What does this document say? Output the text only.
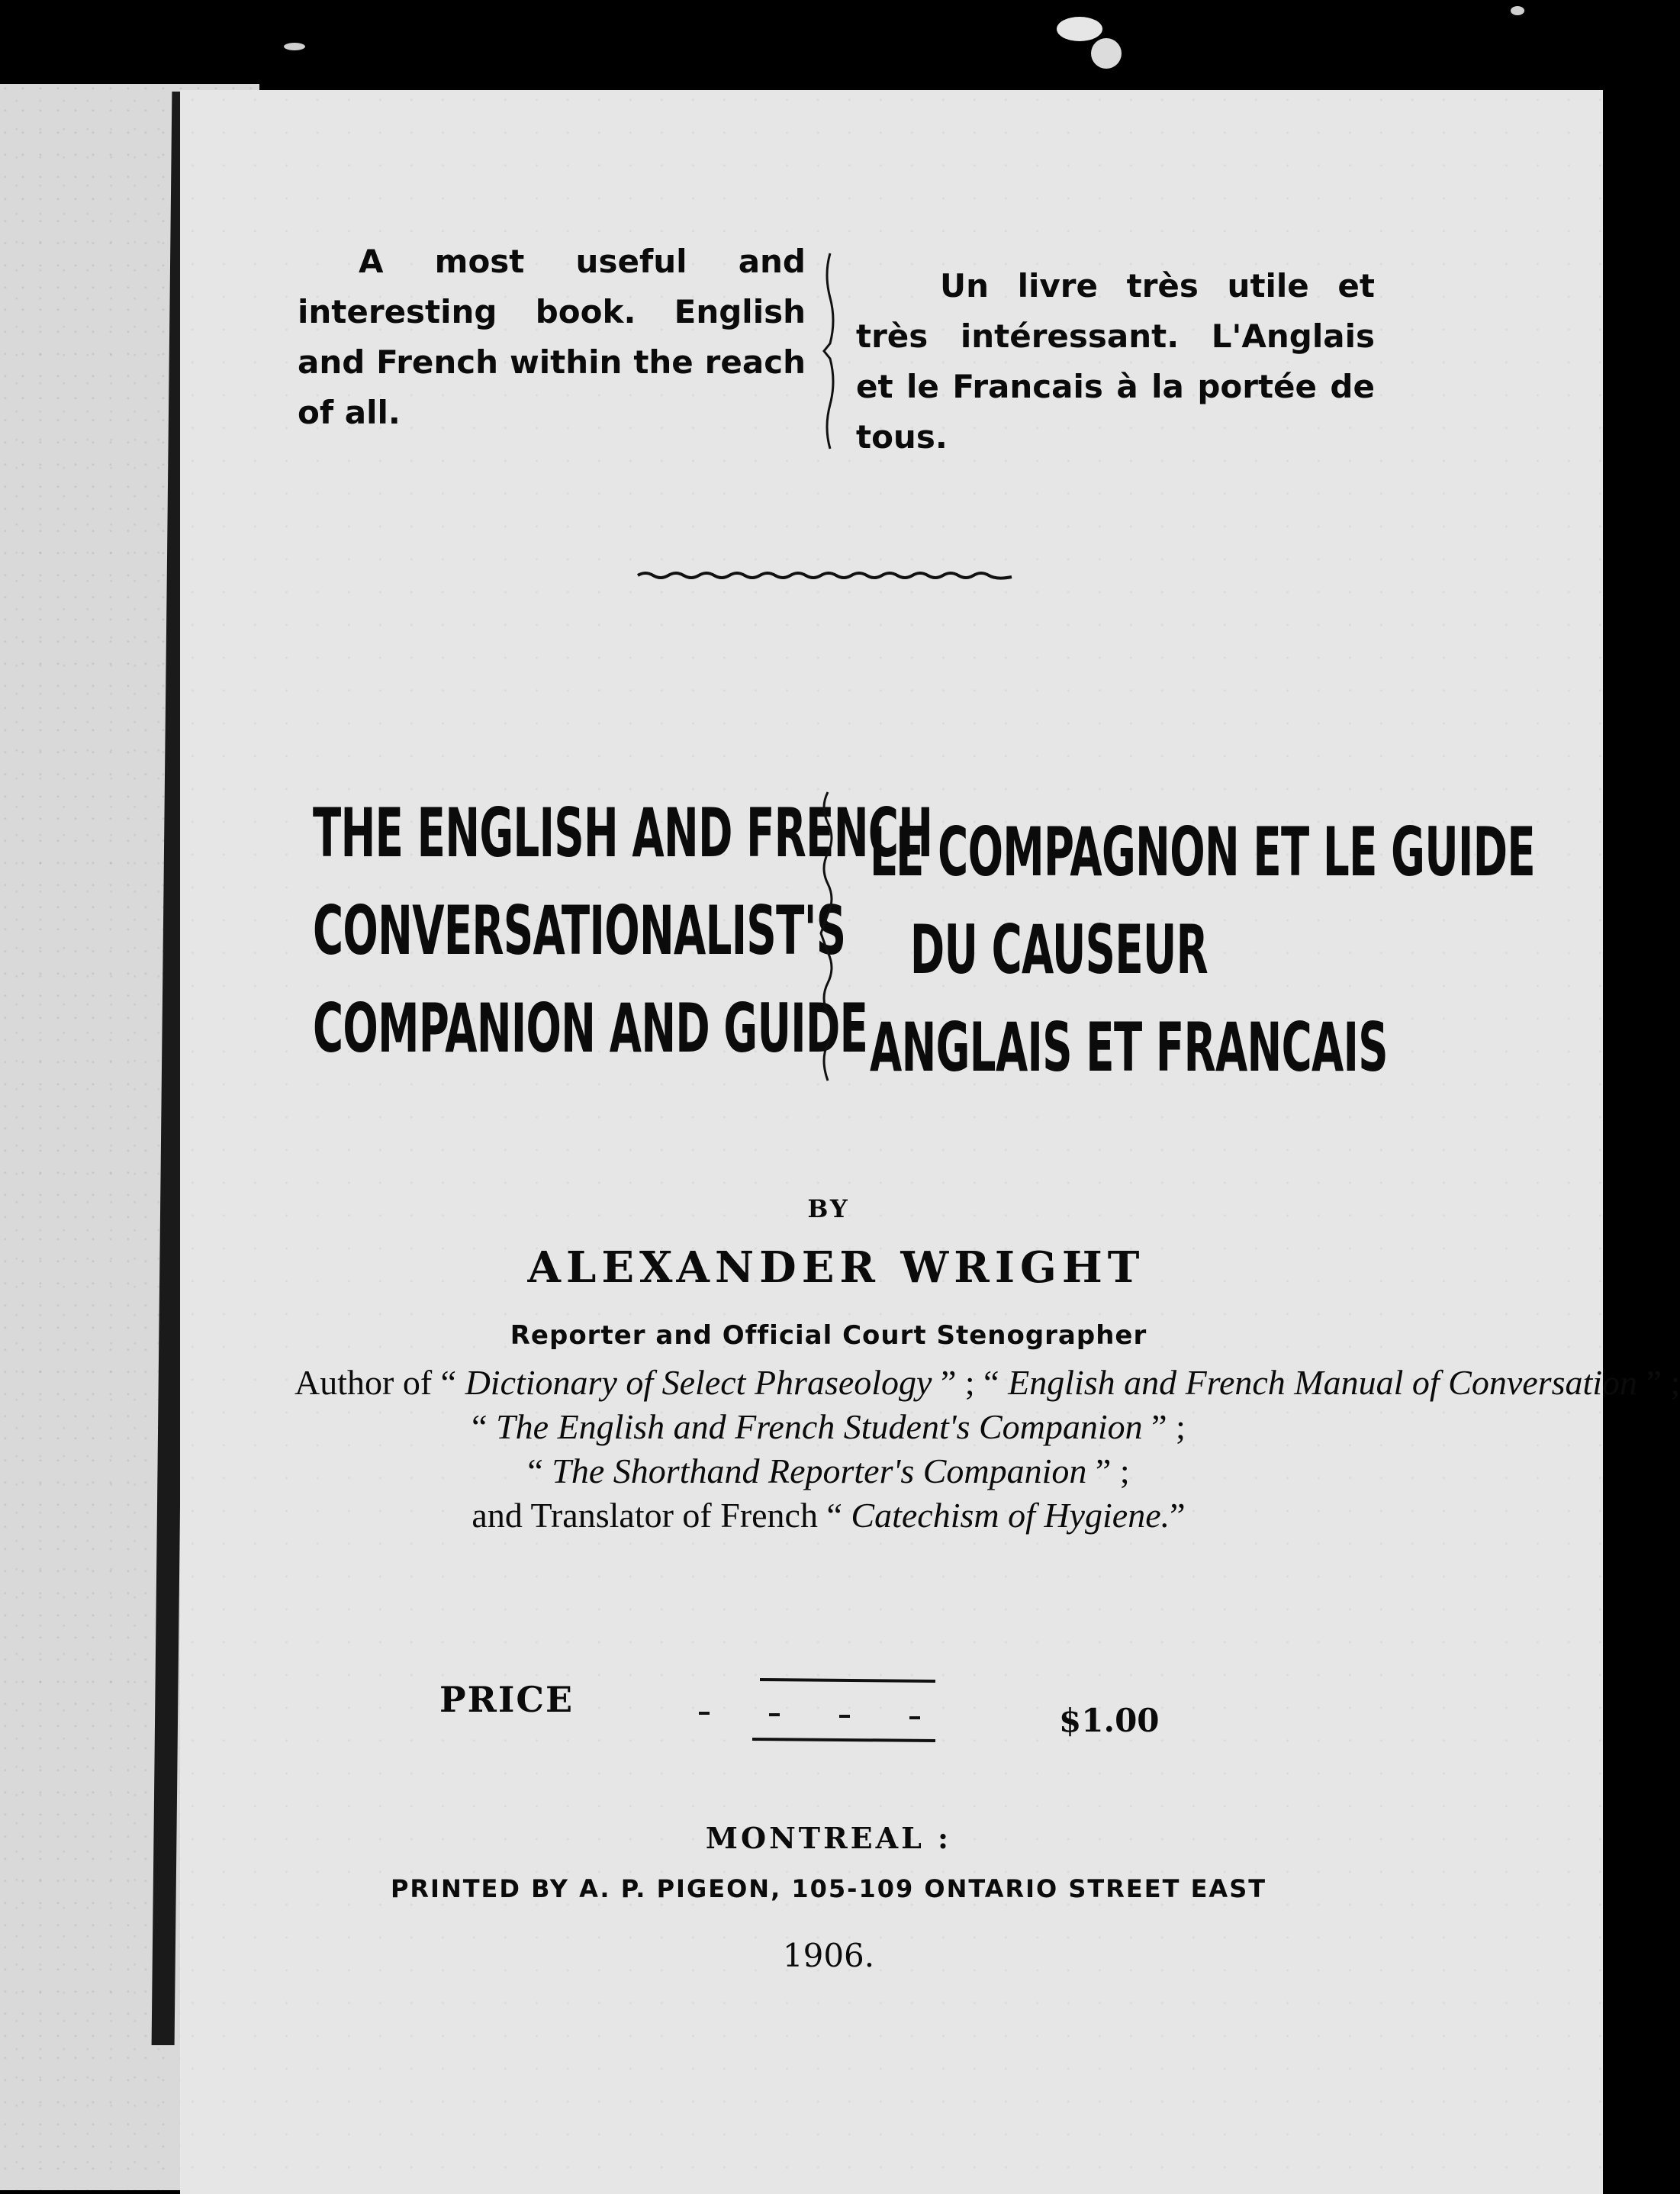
A most useful and interesting book. English and French within the reach of all.
Un livre très utile et très intéressant. L'Anglais et le Francais à la portée de tous.
THE ENGLISH AND FRENCH
CONVERSATIONALIST'S
COMPANION AND GUIDE
LE COMPAGNON ET LE GUIDE
DU CAUSEUR
ANGLAIS ET FRANCAIS
BY
ALEXANDER WRIGHT
Reporter and Official Court Stenographer
Author of “ Dictionary of Select Phraseology ” ; “ English and French Manual of Conversation ” ;
“ The English and French Student's Companion ” ;
“ The Shorthand Reporter's Companion ” ;
and Translator of French “ Catechism of Hygiene.”
PRICE
$1.00
MONTREAL :
PRINTED BY A. P. PIGEON, 105-109 ONTARIO STREET EAST
1906.
